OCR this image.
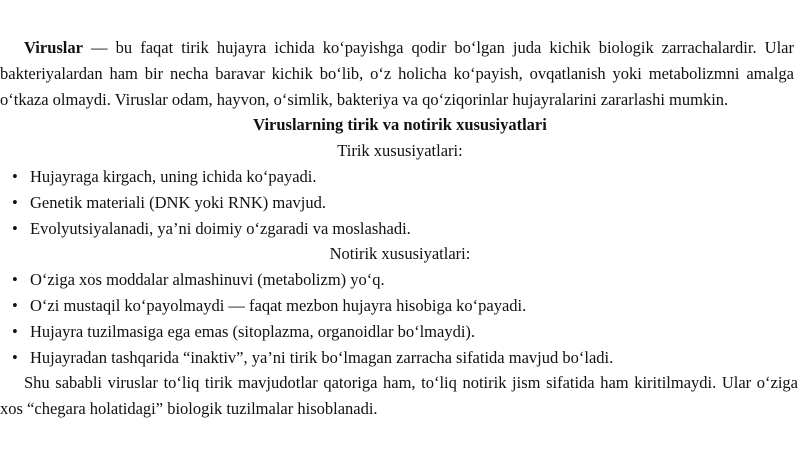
Viruslar — bu faqat tirik hujayra ichida ko‘payishga qodir bo‘lgan juda kichik biologik zarrachalardir. Ular bakteriyalardan ham bir necha baravar kichik bo‘lib, o‘z holicha ko‘payish, ovqatlanish yoki metabolizmni amalga o‘tkaza olmaydi. Viruslar odam, hayvon, o‘simlik, bakteriya va qo‘ziqorinlar hujayralarini zararlashi mumkin.

Viruslarning tirik va notirik xususiyatlari

Tirik xususiyatlari:

• Hujayraga kirgach, uning ichida ko‘payadi.
• Genetik materiali (DNK yoki RNK) mavjud.
• Evolyutsiyalanadi, ya’ni doimiy o‘zgaradi va moslashadi.

Notirik xususiyatlari:

• O‘ziga xos moddalar almashinuvi (metabolizm) yo‘q.
• O‘zi mustaqil ko‘payolmaydi — faqat mezbon hujayra hisobiga ko‘payadi.
• Hujayra tuzilmasiga ega emas (sitoplazma, organoidlar bo‘lmaydi).
• Hujayradan tashqarida “inaktiv”, ya’ni tirik bo‘lmagan zarracha sifatida mavjud bo‘ladi.

Shu sababli viruslar to‘liq tirik mavjudotlar qatoriga ham, to‘liq notirik jism sifatida ham kiritilmaydi. Ular o‘ziga xos “chegara holatidagi” biologik tuzilmalar hisoblanadi.
